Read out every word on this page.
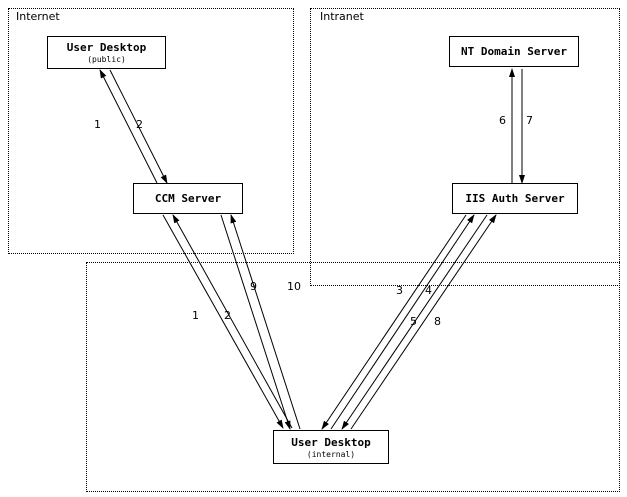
Internet	Intranet
User Desktop
(public)
CCM Server
NT Domain Server
IIS Auth Server
User Desktop
(internal)
1	2	6 7
9	10
1 2
3 4
5 8
